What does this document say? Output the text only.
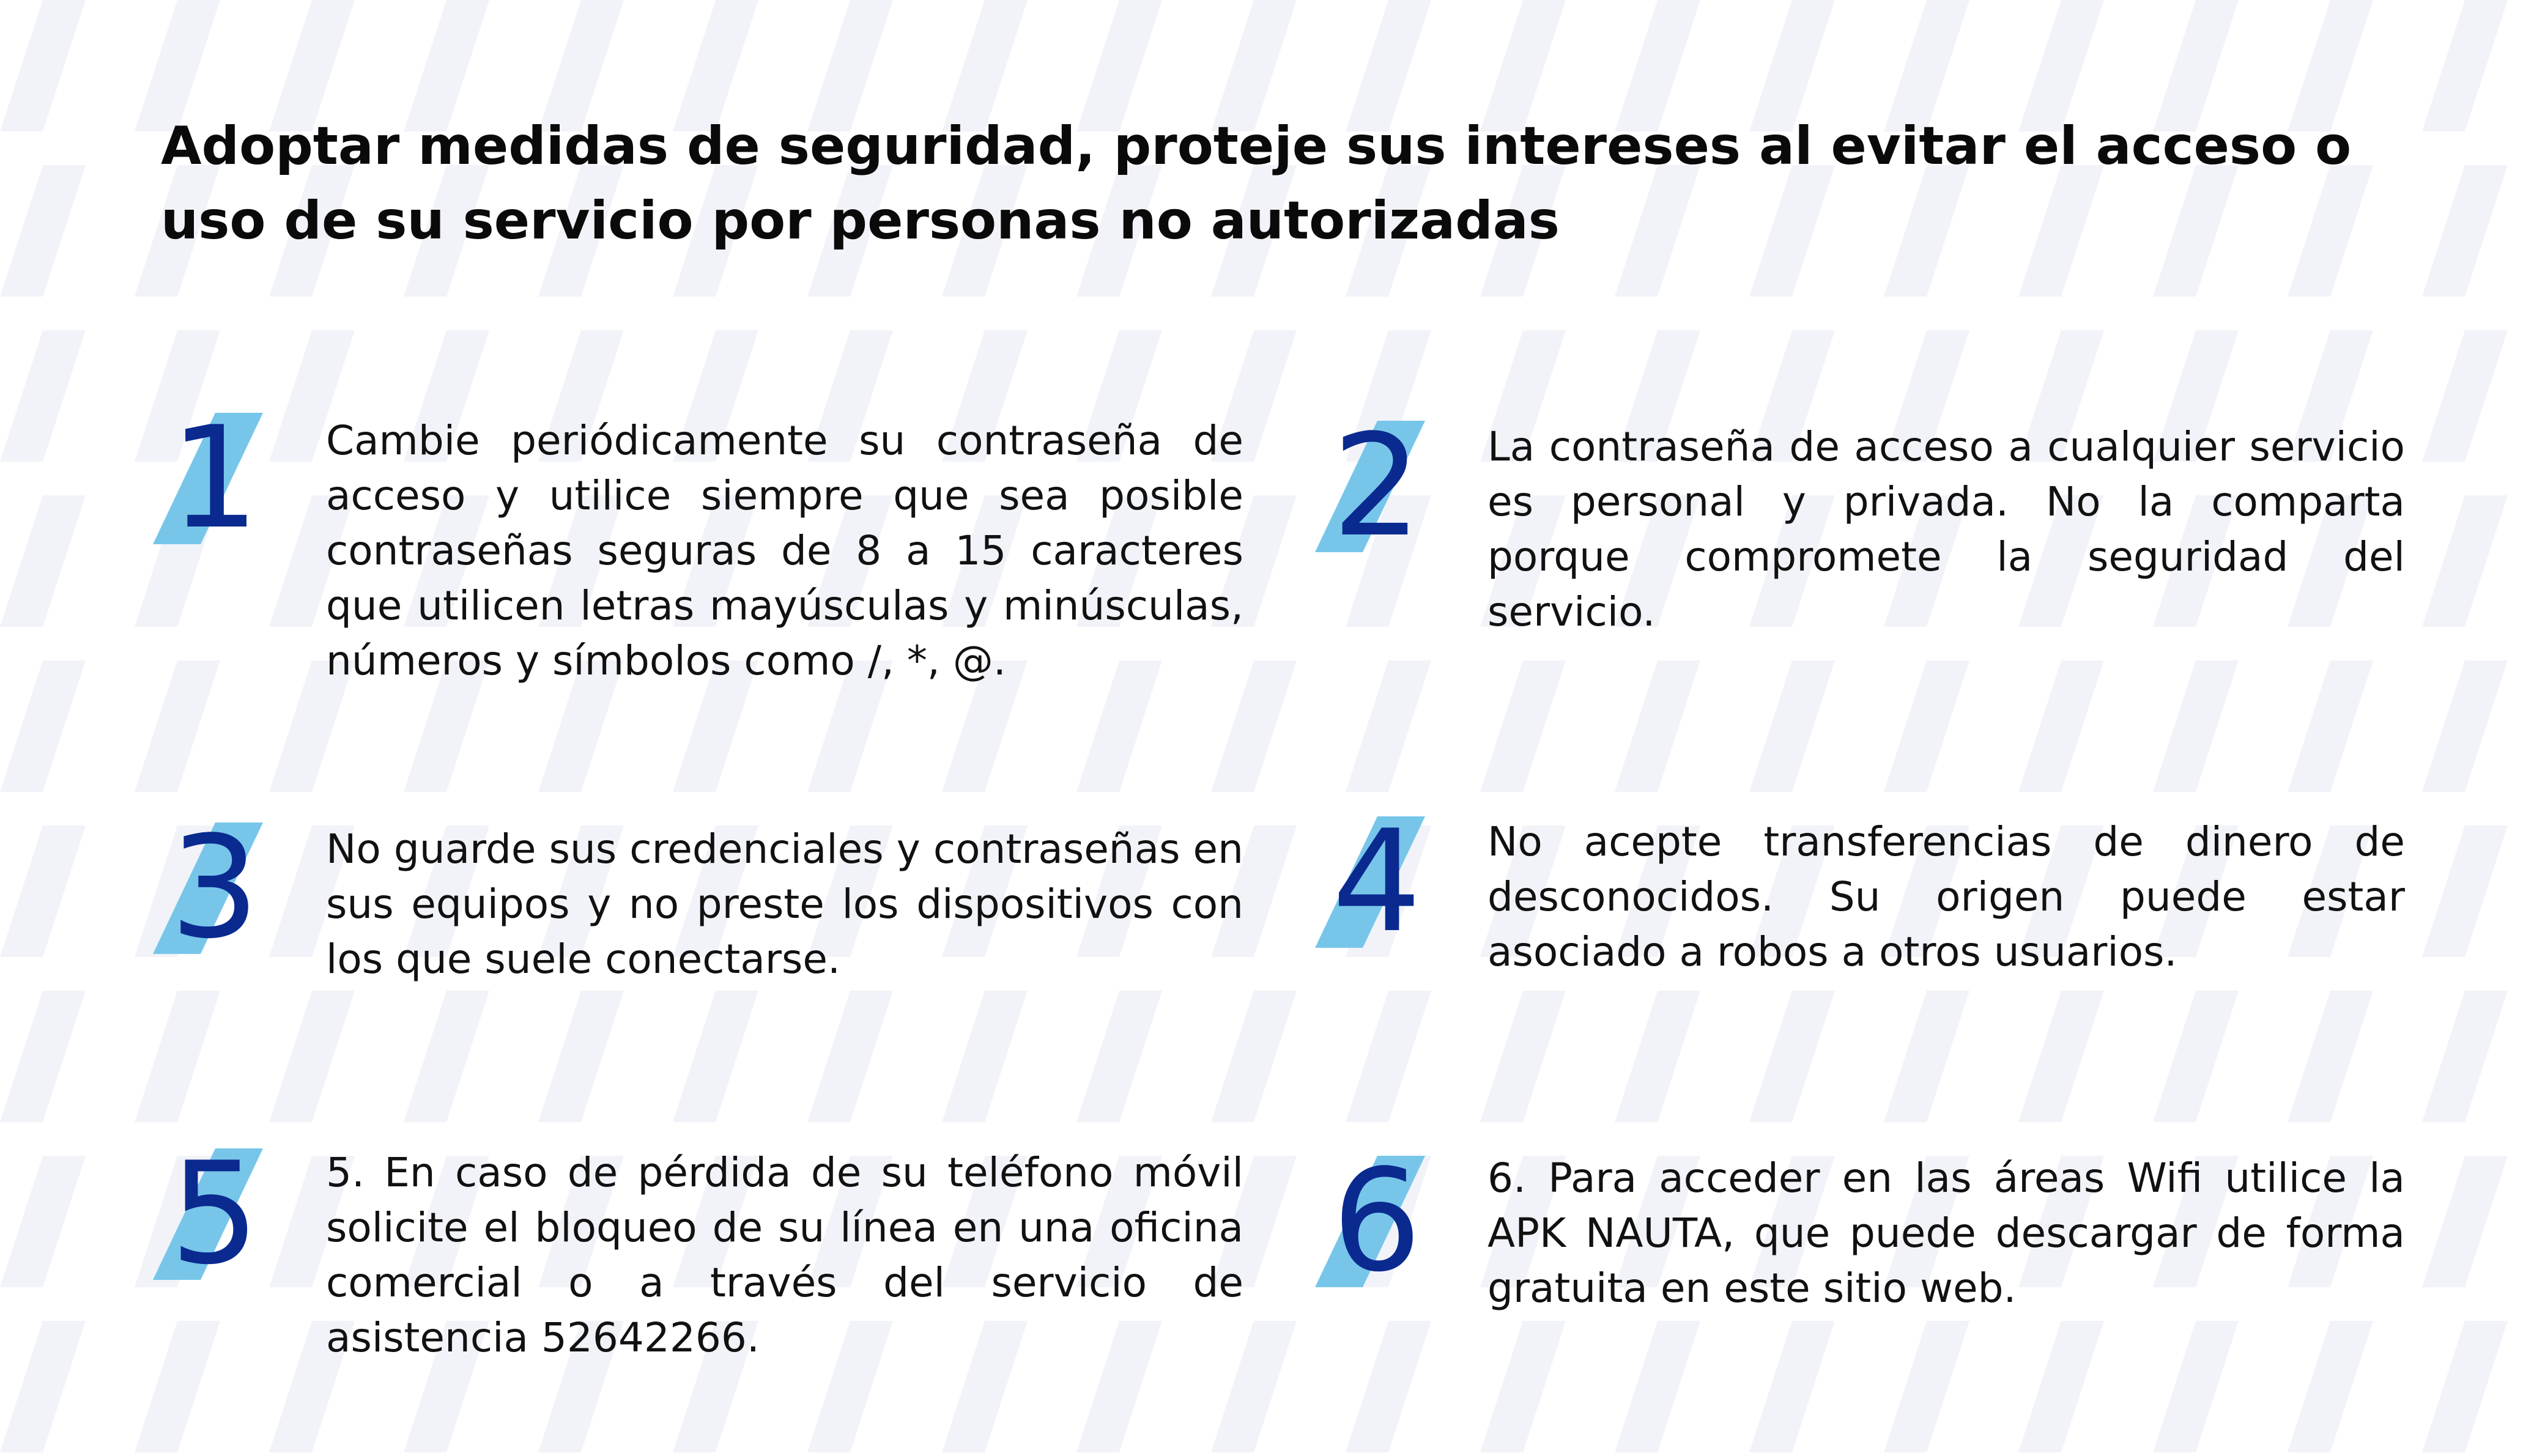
Adoptar medidas de seguridad, proteje sus intereses al evitar el acceso o uso de su servicio por personas no autorizadas
1	Cambie periódicamente su contraseña de acceso y utilice siempre que sea posible contraseñas seguras de 8 a 15 caracteres que utilicen letras mayúsculas y minúsculas, números y símbolos como /, *, @.
2	La contraseña de acceso a cualquier servicio es personal y privada. No la comparta porque compromete la seguridad del servicio.
3	No guarde sus credenciales y contraseñas en sus equipos y no preste los dispositivos con los que suele conectarse.	4	No acepte transferencias de dinero de desconocidos. Su origen puede estar asociado a robos a otros usuarios.
5	5. En caso de pérdida de su teléfono móvil solicite el bloqueo de su línea en una oficina comercial o a través del servicio de asistencia 52642266.
6	6. Para acceder en las áreas Wifi utilice la APK NAUTA, que puede descargar de forma gratuita en este sitio web.
